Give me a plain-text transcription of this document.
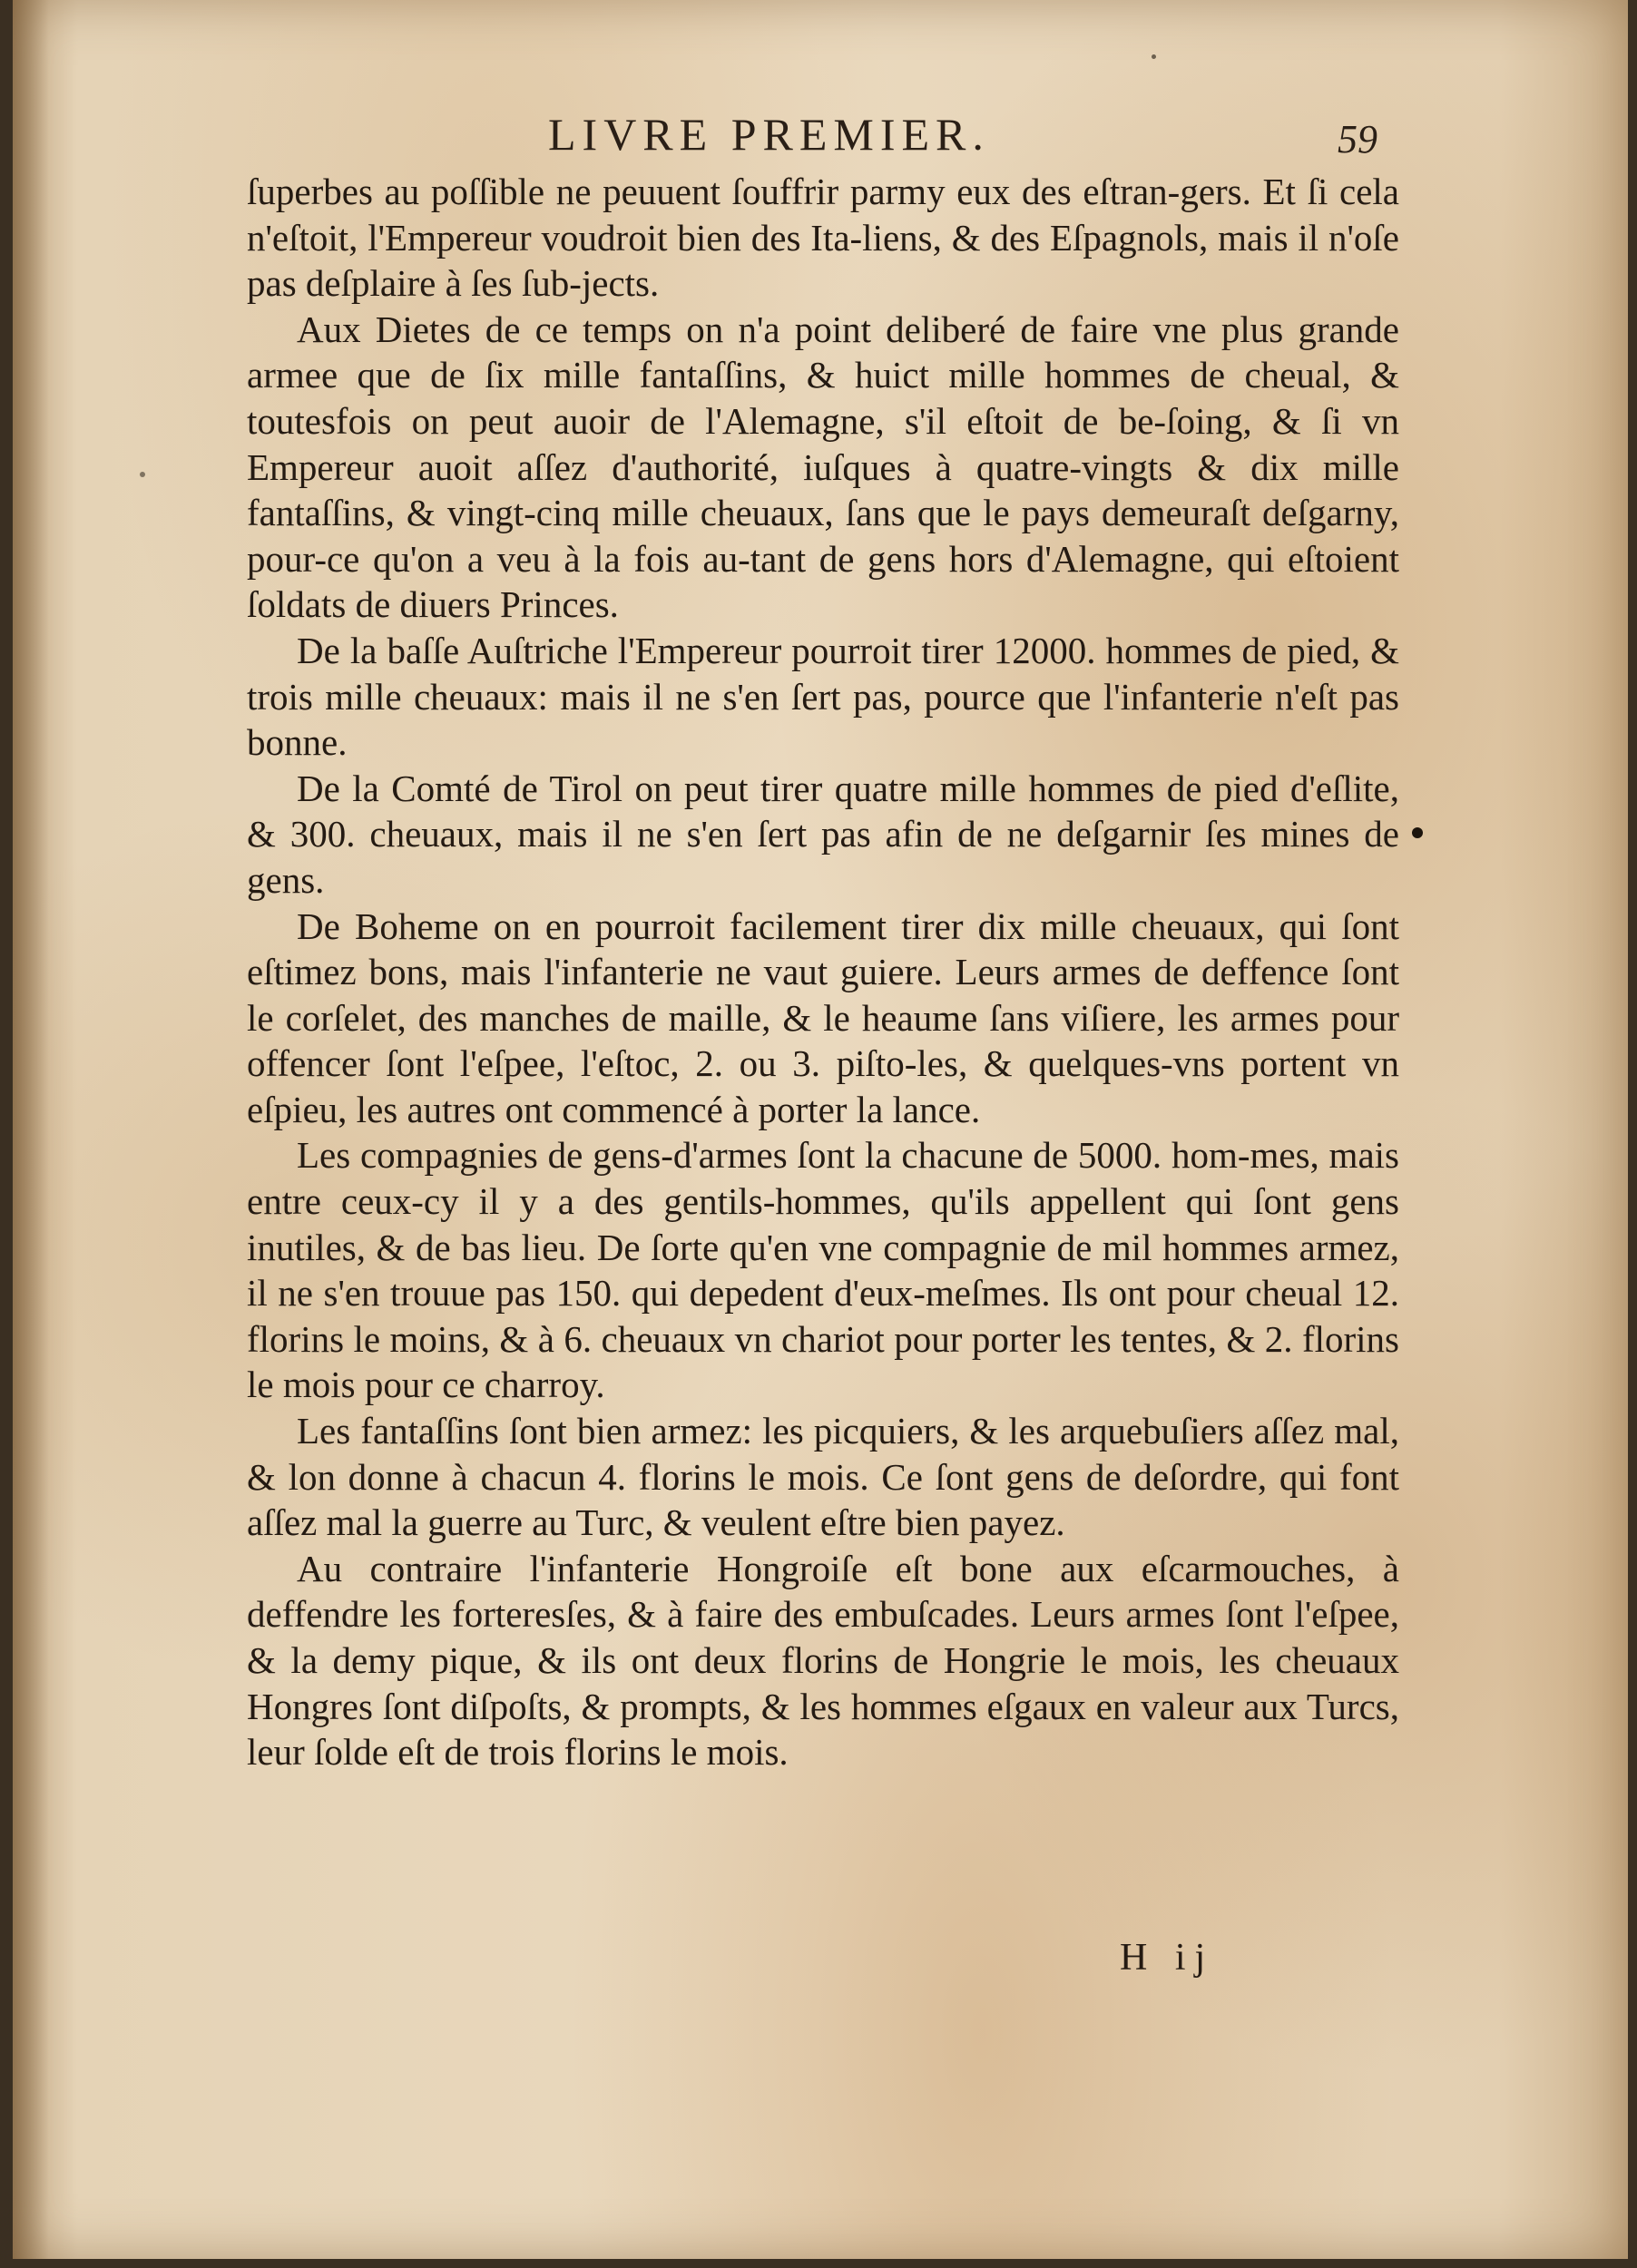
LIVRE PREMIER.	59

ſuperbes au poſſible ne peuuent ſouffrir parmy eux des eſtran-gers. Et ſi cela n'eſtoit, l'Empereur voudroit bien des Ita-liens, & des Eſpagnols, mais il n'oſe pas deſplaire à ſes ſub-jects.

Aux Dietes de ce temps on n'a point deliberé de faire vne plus grande armee que de ſix mille fantaſſins, & huict mille hommes de cheual, & toutesfois on peut auoir de l'Alemagne, s'il eſtoit de be-ſoing, & ſi vn Empereur auoit aſſez d'authorité, iuſques à quatre-vingts & dix mille fantaſſins, & vingt-cinq mille cheuaux, ſans que le pays demeuraſt deſgarny, pour-ce qu'on a veu à la fois au-tant de gens hors d'Alemagne, qui eſtoient ſoldats de diuers Princes.

De la baſſe Auſtriche l'Empereur pourroit tirer 12000. hommes de pied, & trois mille cheuaux: mais il ne s'en ſert pas, pource que l'infanterie n'eſt pas bonne.

De la Comté de Tirol on peut tirer quatre mille hommes de pied d'eſlite, & 300. cheuaux, mais il ne s'en ſert pas afin de ne deſgarnir ſes mines de gens.

De Boheme on en pourroit facilement tirer dix mille cheuaux, qui ſont eſtimez bons, mais l'infanterie ne vaut guiere. Leurs armes de deffence ſont le corſelet, des manches de maille, & le heaume ſans viſiere, les armes pour offencer ſont l'eſpee, l'eſtoc, 2. ou 3. piſto-les, & quelques-vns portent vn eſpieu, les autres ont commencé à porter la lance.

Les compagnies de gens-d'armes ſont la chacune de 5000. hom-mes, mais entre ceux-cy il y a des gentils-hommes, qu'ils appellent qui ſont gens inutiles, & de bas lieu. De ſorte qu'en vne compagnie de mil hommes armez, il ne s'en trouue pas 150. qui depedent d'eux-meſmes. Ils ont pour cheual 12. florins le moins, & à 6. cheuaux vn chariot pour porter les tentes, & 2. florins le mois pour ce charroy.

Les fantaſſins ſont bien armez: les picquiers, & les arquebuſiers aſſez mal, & lon donne à chacun 4. florins le mois. Ce ſont gens de deſordre, qui font aſſez mal la guerre au Turc, & veulent eſtre bien payez.

Au contraire l'infanterie Hongroiſe eſt bone aux eſcarmouches, à deffendre les forteresſes, & à faire des embuſcades. Leurs armes ſont l'eſpee, & la demy pique, & ils ont deux florins de Hongrie le mois, les cheuaux Hongres ſont diſpoſts, & prompts, & les hommes eſgaux en valeur aux Turcs, leur ſolde eſt de trois florins le mois.

H ij
